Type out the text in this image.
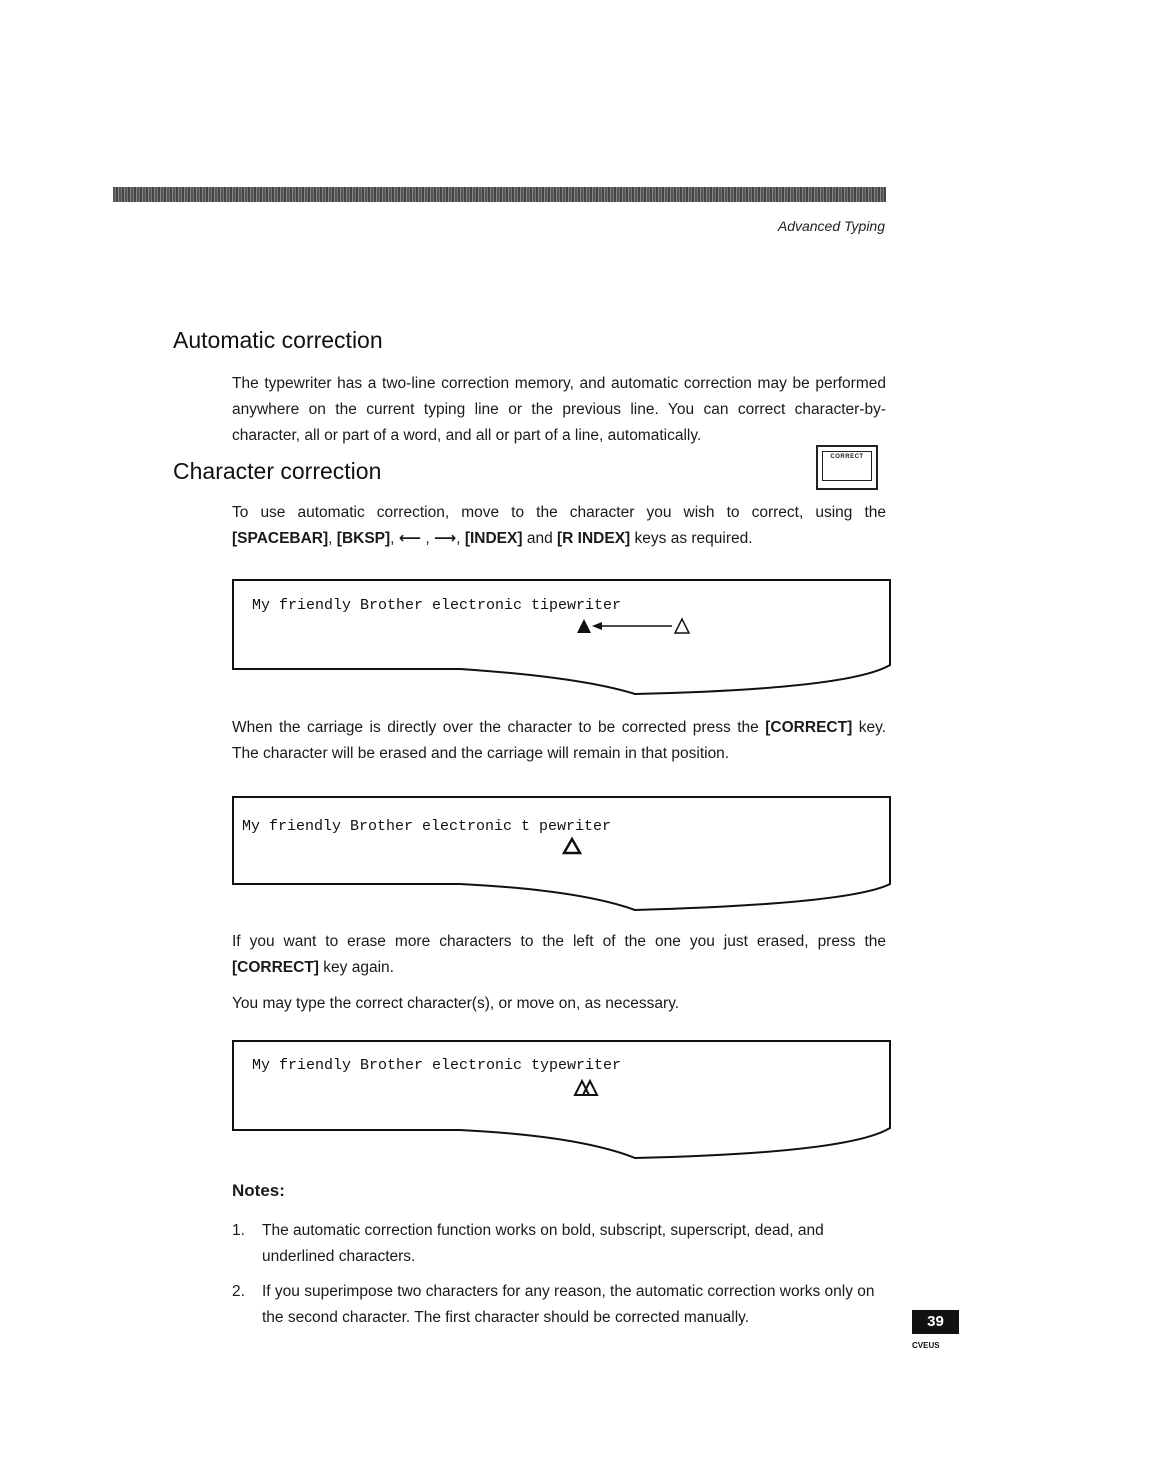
Advanced Typing
Automatic correction

The typewriter has a two-line correction memory, and automatic correction may be performed anywhere on the current typing line or the previous line. You can correct character-by-character, all or part of a word, and all or part of a line, automatically.

Character correction
CORRECT

To use automatic correction, move to the character you wish to correct, using the [SPACEBAR], [BKSP], ⟵ , ⟶, [INDEX] and [R INDEX] keys as required.

My friendly Brother electronic tipewriter

When the carriage is directly over the character to be corrected press the [CORRECT] key. The character will be erased and the carriage will remain in that position.

My friendly Brother electronic t pewriter

If you want to erase more characters to the left of the one you just erased, press the [CORRECT] key again.

You may type the correct character(s), or move on, as necessary.

My friendly Brother electronic typewriter
Notes:
1. The automatic correction function works on bold, subscript, superscript, dead, and underlined characters.
2. If you superimpose two characters for any reason, the automatic correction works only on the second character. The first character should be corrected manually.	39
CVEUS
